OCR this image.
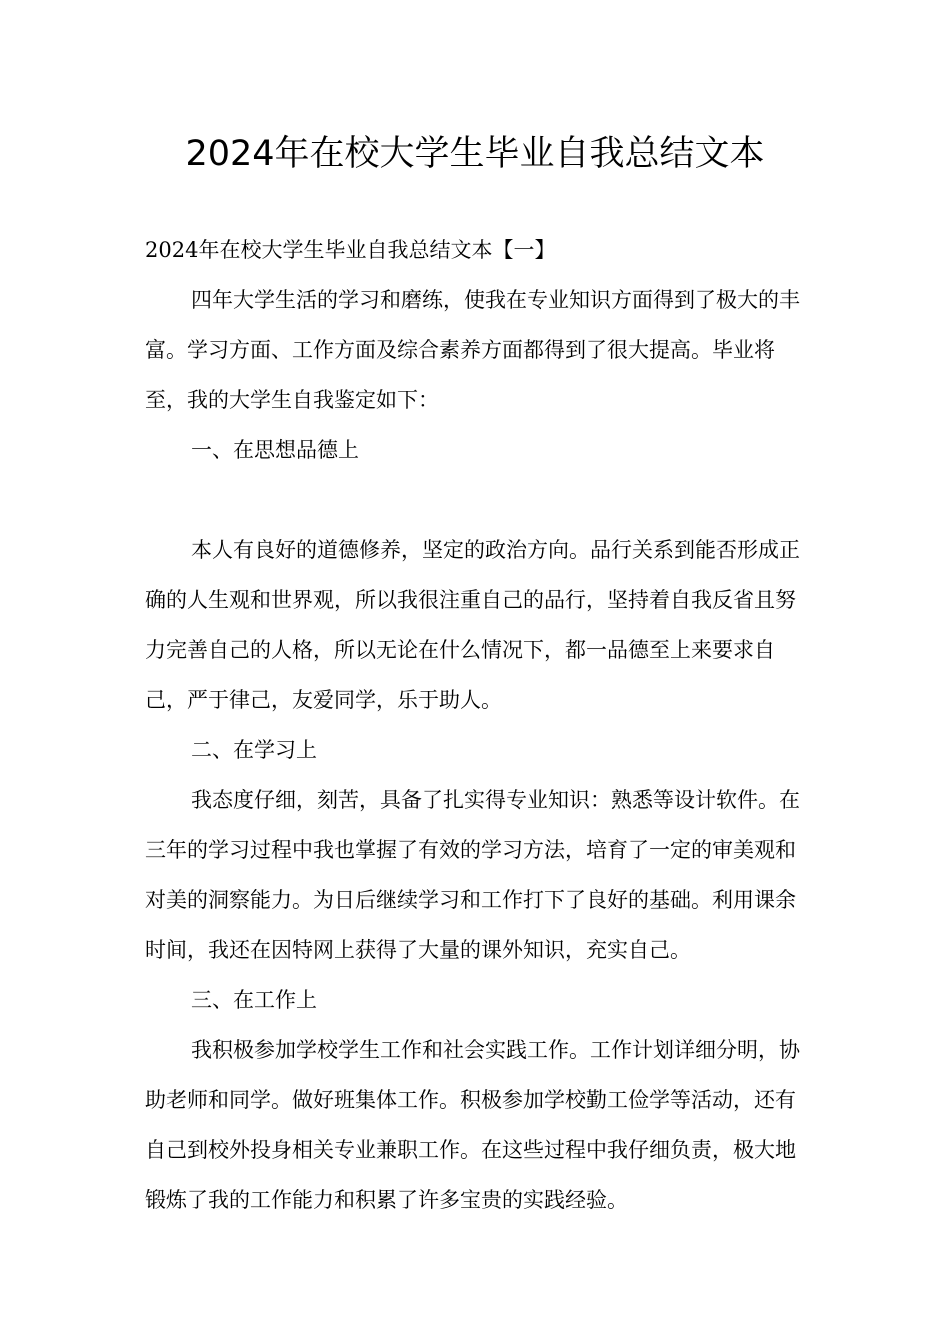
2024年在校大学生毕业自我总结文本

2024年在校大学生毕业自我总结文本【一】

四年大学生活的学习和磨练，使我在专业知识方面得到了极大的丰富。学习方面、工作方面及综合素养方面都得到了很大提高。毕业将至，我的大学生自我鉴定如下：

一、在思想品德上

本人有良好的道德修养，坚定的政治方向。品行关系到能否形成正确的人生观和世界观，所以我很注重自己的品行，坚持着自我反省且努力完善自己的人格，所以无论在什么情况下，都一品德至上来要求自己，严于律己，友爱同学，乐于助人。

二、在学习上

我态度仔细，刻苦，具备了扎实得专业知识：熟悉等设计软件。在三年的学习过程中我也掌握了有效的学习方法，培育了一定的审美观和对美的洞察能力。为日后继续学习和工作打下了良好的基础。利用课余时间，我还在因特网上获得了大量的课外知识，充实自己。

三、在工作上

我积极参加学校学生工作和社会实践工作。工作计划详细分明，协助老师和同学。做好班集体工作。积极参加学校勤工俭学等活动，还有自己到校外投身相关专业兼职工作。在这些过程中我仔细负责，极大地锻炼了我的工作能力和积累了许多宝贵的实践经验。
